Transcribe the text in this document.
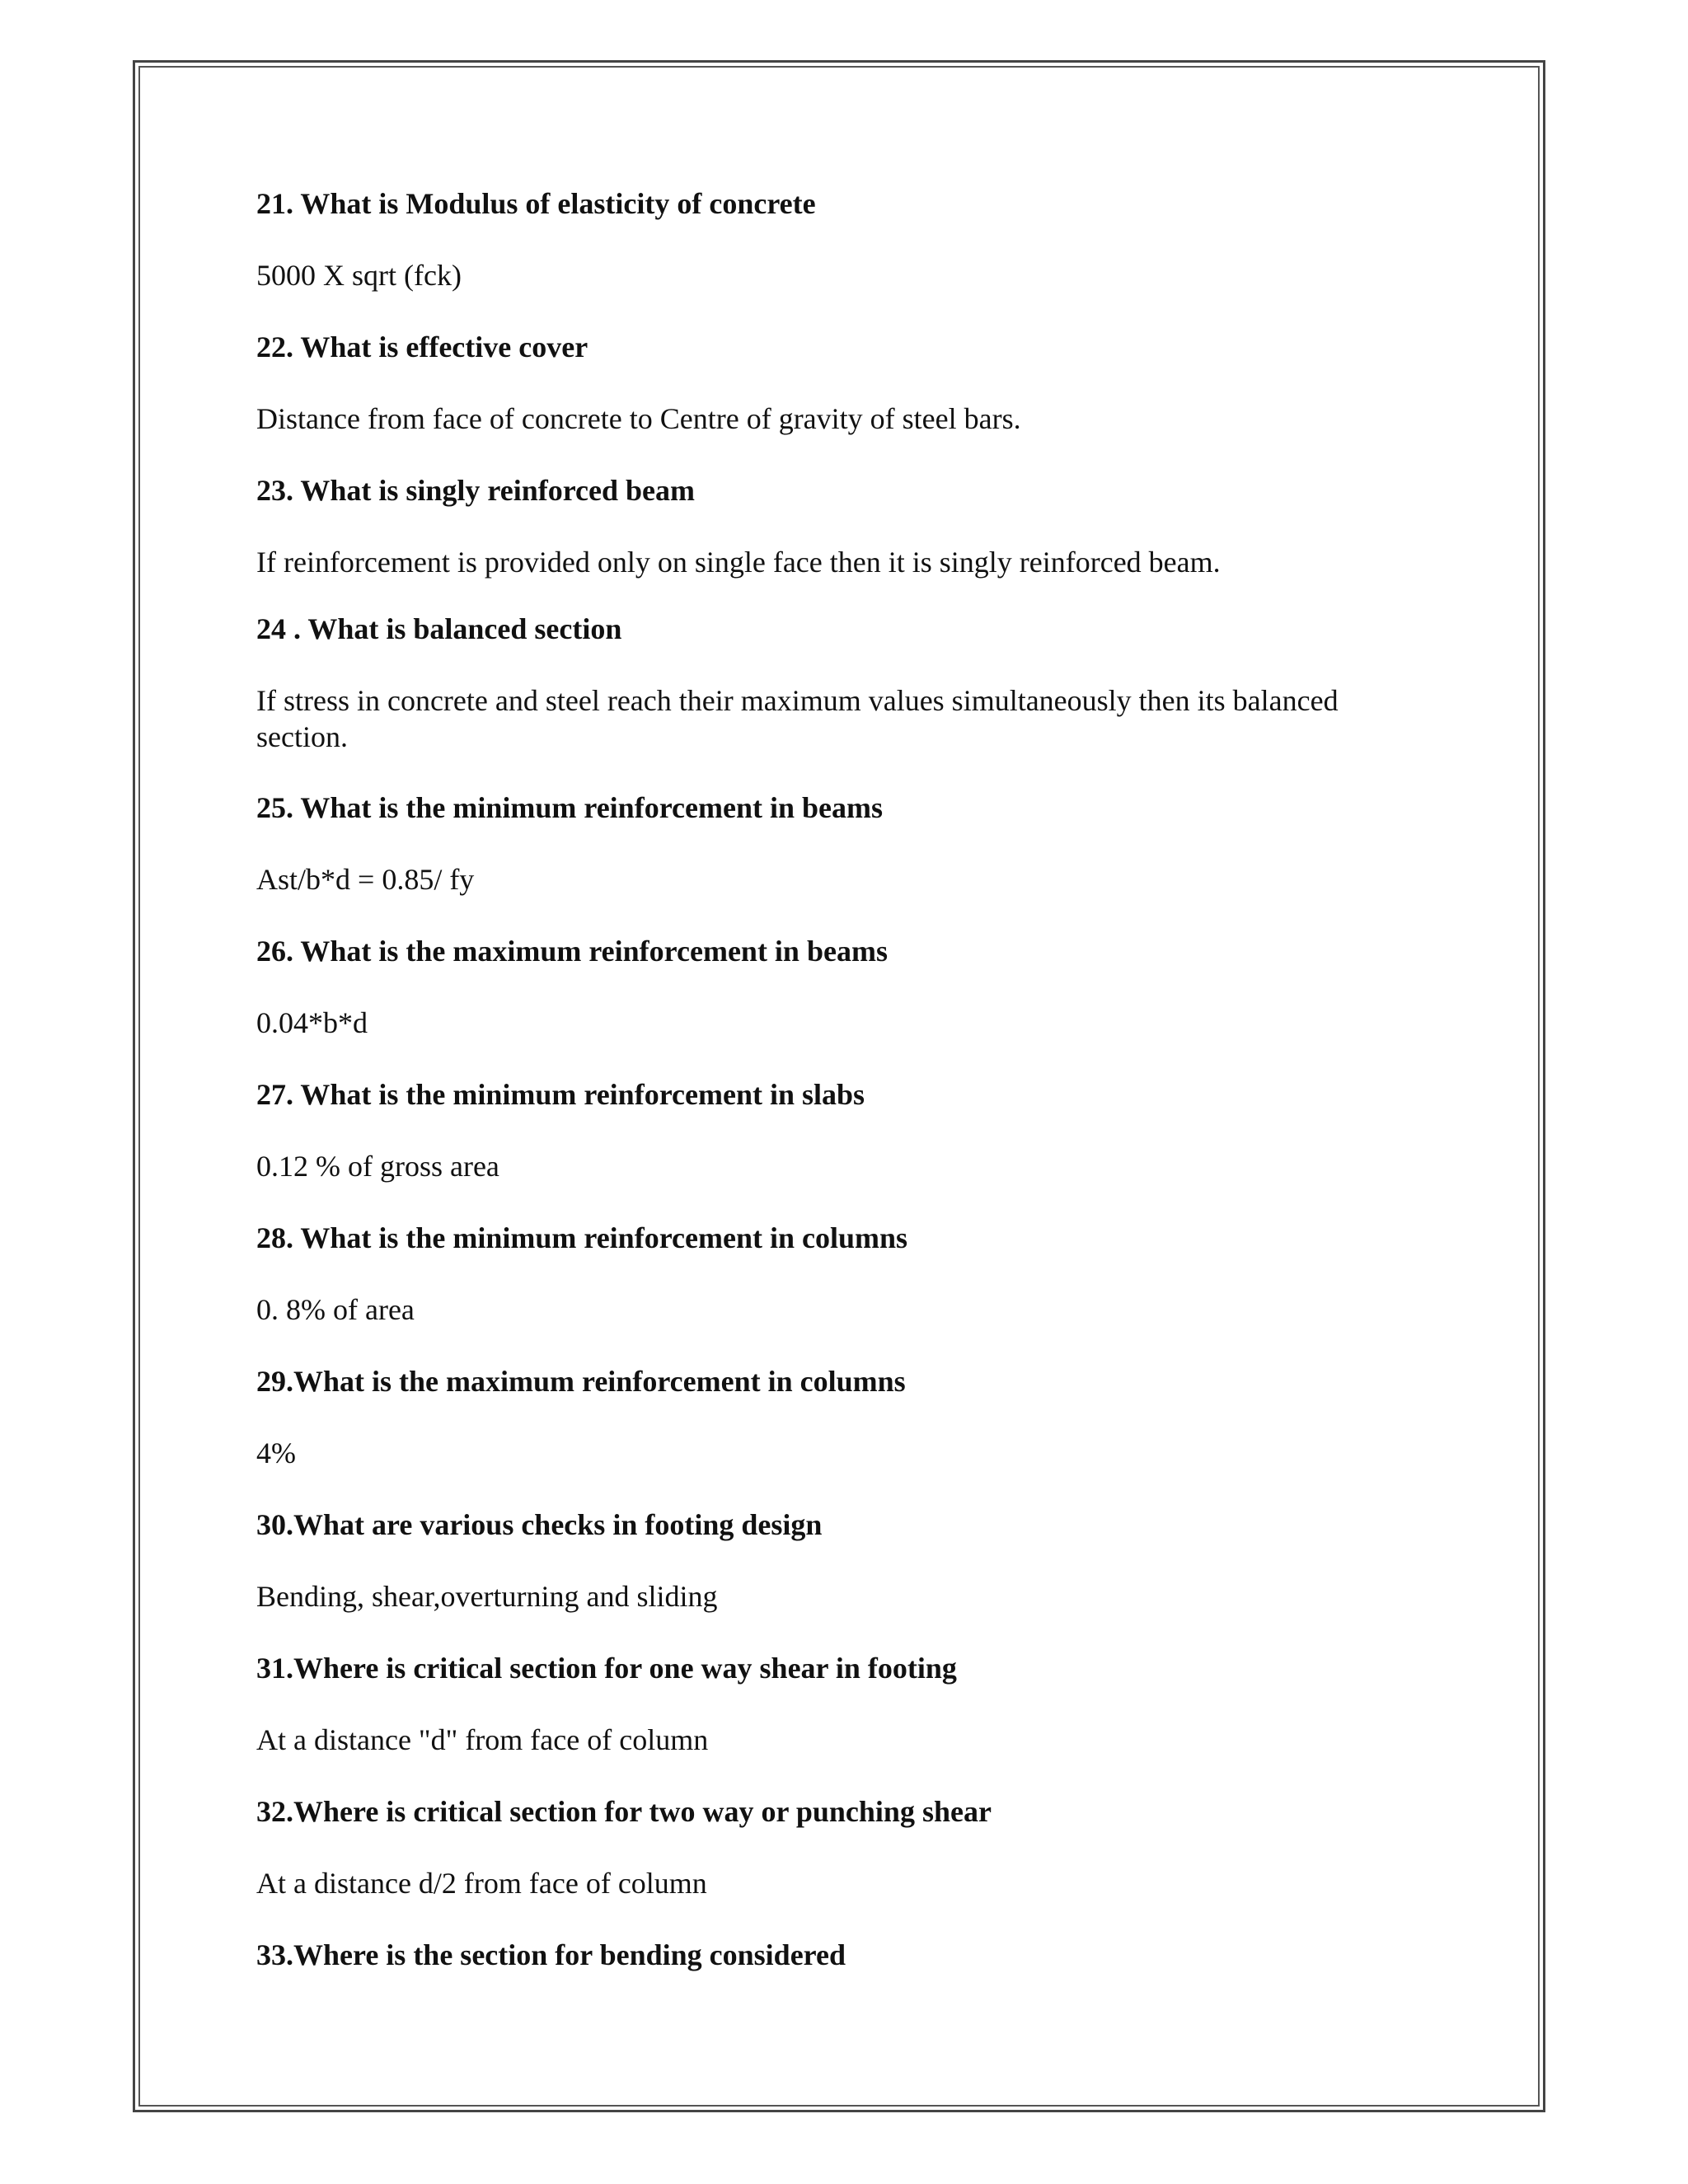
21. What is Modulus of elasticity of concrete
5000 X sqrt (fck)
22. What is effective cover
Distance from face of concrete to Centre of gravity of steel bars.
23. What is singly reinforced beam
If reinforcement is provided only on single face then it is singly reinforced beam.
24 . What is balanced section
If stress in concrete and steel reach their maximum values simultaneously then its balanced section.
25. What is the minimum reinforcement in beams
Ast/b*d = 0.85/ fy
26. What is the maximum reinforcement in beams
0.04*b*d
27. What is the minimum reinforcement in slabs
0.12 % of gross area
28. What is the minimum reinforcement in columns
0. 8% of area
29.What is the maximum reinforcement in columns
4%
30.What are various checks in footing design
Bending, shear,overturning and sliding
31.Where is critical section for one way shear in footing
At a distance "d" from face of column
32.Where is critical section for two way or punching shear
At a distance d/2 from face of column
33.Where is the section for bending considered
